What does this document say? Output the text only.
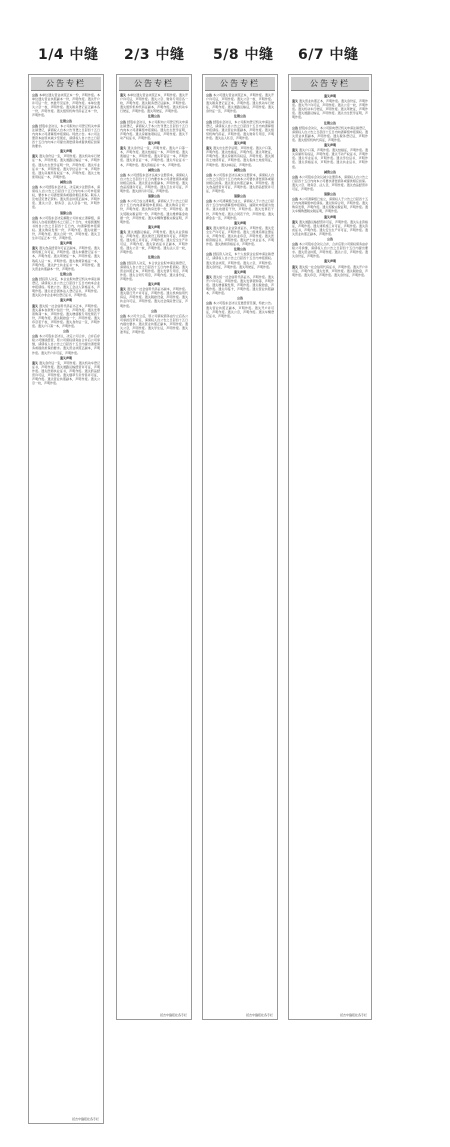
1/4 中缝 2/3 中缝 5/8 中缝 6/7 中缝
公告专栏

公告 本单位遗失营业执照正本一份，声明作废。本单位遗失营业执照副本一份，声明作废。遗失开户许可证一份，核准号见证件，声明作废。本单位遗失公章一枚，声明作废。遗失税务登记证正副本各一份，声明作废。遗失组织机构代码证正本一份，声明作废。

注销公告

公告 经股东会决议，本公司拟向公司登记机关申请注销登记，请债权人自本公告刊登之日起四十五日内向本公司清算组申报债权。特此公告。本公司注册资本由原来减少至现在，请债权人自公告之日起四十五日内向本公司提出清偿债务或提供相应担保的要求。

遗失声明

遗失 遗失身份证一张，声明作废。遗失机动车行驶证一本，声明作废。遗失道路运输证一本，声明作废。遗失出生医学证明一份，声明作废。遗失毕业证书一本，声明作废。遗失学位证书一本，声明作废。遗失房屋所有权证一本，声明作废。遗失土地使用权证一本，声明作废。

减资公告

公告 本公司经股东会决议，决定减少注册资本，请债权人自公告之日起四十五日内向本公司申报债权，要求本公司清偿债务或提供相应担保。联系人及电话见登记资料。遗失营业执照正副本，声明作废。遗失公章、财务章、法人章各一枚，声明作废。

清算公告

公告 本公司股东会决定解散公司并成立清算组，请债权人自接到通知书之日起三十日内，未接到通知书的自公告之日起四十五日内，向清算组申报债权。遗失购房发票一份，声明作废。遗失收据一份，声明作废。遗失合同一份，声明作废。遗失卫生许可证正本一份，声明作废。

遗失声明

遗失 遗失食品经营许可证正副本，声明作废。遗失建筑施工许可证，声明作废。遗失车辆登记证书一本，声明作废。遗失驾驶证一本，声明作废。遗失残疾人证一本，声明作废。遗失教师资格证一本，声明作废。遗失护士执业证书一本，声明作废。遗失营业执照副本一份，声明作废。

注销公告

公告 经投资人决定，本企业拟向登记机关申请注销登记，请债权人自公告之日起四十五日内向本企业申报债权。特此公告。遗失工会法人资格证书，声明作废。遗失社会团体法人登记证书，声明作废。遗失民办非企业单位登记证书，声明作废。

遗失声明

遗失 遗失统一社会信用代码证书正本，声明作废。遗失基本存款账户信息一份，声明作废。遗失发票领购簿一本，声明作废。遗失增值税专用发票若干份，声明作废。遗失税控盘一个，声明作废。遗失印章若干枚，声明作废。遗失身份证一张，声明作废。遗失户口簿一本，声明作废。

公告

公告 本公司股东会决议，决定公司合并，合并后存续公司继续经营，原公司债权债务由合并后公司承继，请债权人自公告之日起四十五日内提出清偿债务或提供担保的要求。遗失营业执照正副本，声明作废。遗失开户许可证，声明作废。

遗失声明

遗失 遗失身份证一张，声明作废。遗失机动车登记证书，声明作废。遗失道路运输经营许可证，声明作废。遗失医师执业证书，声明作废。遗失药品经营许可证，声明作废。遗失烟草专卖零售许可证，声明作废。遗失营业执照副本，声明作废。遗失公章一枚，声明作废。

延吉中缝报社各专栏
公告专栏

遗失 本单位遗失营业执照正本，声明作废。遗失开户许可证，声明作废。遗失公章、财务专用章各一枚，声明作废。遗失税务登记证副本，声明作废。遗失组织机构代码证副本，声明作废。遗失机动车行驶证，声明作废。遗失驾驶证，声明作废。

注销公告

公告 经股东会决议，本公司拟向公司登记机关申请注销登记，请债权人于本公告刊登之日起四十五日内向本公司清算组申报债权。遗失出生医学证明，声明作废。遗失房屋他项权证，声明作废。遗失不动产权证书，声明作废。

遗失声明

遗失 遗失身份证一张，声明作废。遗失户口簿一本，声明作废。遗失结婚证一本，声明作废。遗失离婚证一本，声明作废。遗失军官证一本，声明作废。遗失退伍证一本，声明作废。遗失毕业证书一本，声明作废。遗失资格证书一本，声明作废。

减资公告

公告 本公司经股东会决议减少注册资本，请债权人自公告之日起四十五日内要求本公司清偿债务或提供相应担保。遗失营业执照副本，声明作废。遗失食品流通许可证，声明作废。遗失卫生许可证，声明作废。遗失排污许可证，声明作废。

清算公告

公告 本公司已成立清算组，请债权人于公告之日起四十五日内向清算组申报债权。遗失购房合同一份，声明作废。遗失购房发票一份，声明作废。遗失契税完税证明一份，声明作废。遗失维修基金收据一份，声明作废。遗失车辆购置税完税证明，声明作废。

遗失声明

遗失 遗失道路运输证，声明作废。遗失从业资格证，声明作废。遗失建设工程规划许可证，声明作废。遗失施工许可证，声明作废。遗失安全生产许可证，声明作废。遗失资质证书正副本，声明作废。遗失公章一枚，声明作废。遗失法人章一枚，声明作废。

注销公告

公告 经投资人决定，本合伙企业拟申请注销登记，请债权人自公告之日起四十五日内申报债权。遗失营业执照正本，声明作废。遗失发票专用章，声明作废。遗失合同专用章，声明作废。遗失身份证，声明作废。

遗失声明

遗失 遗失统一社会信用代码证书副本，声明作废。遗失银行开户许可证，声明作废。遗失机构信用代码证，声明作废。遗失税控设备，声明作废。遗失执业许可证，声明作废。遗失社会保险登记证，声明作废。

公告

公告 本公司分立后，原公司债权债务由分立后各公司承担连带责任，请债权人自公告之日起四十五日内提出要求。遗失营业执照正副本，声明作废。遗失公章，声明作废。遗失学生证，声明作废。遗失准考证，声明作废。

延吉中缝报社各专栏
公告专栏

公告 本公司遗失营业执照正本，声明作废。遗失开户许可证，声明作废。遗失公章一枚，声明作废。遗失税务登记证正本，声明作废。遗失机动车行驶证，声明作废。遗失道路运输证，声明作废。遗失身份证一张，声明作废。

注销公告

公告 经股东会决议，本公司拟向登记机关申请注销登记，请债权人自公告之日起四十五日内向清算组申报债权。遗失营业执照副本，声明作废。遗失组织机构代码证，声明作废。遗失财务专用章，声明作废。遗失法人私章，声明作废。

遗失声明

遗失 遗失出生医学证明，声明作废。遗失户口簿，声明作废。遗失结婚证，声明作废。遗失驾驶证，声明作废。遗失房屋所有权证，声明作废。遗失国有土地使用证，声明作废。遗失集体土地使用证，声明作废。遗失林权证，声明作废。

减资公告

公告 本公司股东会决议减少注册资本，请债权人自公告之日起四十五日内向本公司要求清偿债务或提供相应担保。遗失营业执照正副本，声明作废。遗失食品经营许可证，声明作废。遗失药品经营许可证，声明作废。

清算公告

公告 本公司清算组已成立，请债权人于公告之日起四十五日内向清算组申报债权，逾期未申报视为放弃。遗失收据若干份，声明作废。遗失发票若干份，声明作废。遗失合同若干份，声明作废。遗失押金条一张，声明作废。

遗失声明

遗失 遗失建筑业企业资质证书，声明作废。遗失安全生产许可证，声明作废。遗失二级建造师注册证书，声明作废。遗失执业印章，声明作废。遗失医师资格证书，声明作废。遗失护士执业证书，声明作废。遗失教师资格证书，声明作废。

注销公告

公告 经投资人决定，本个人独资企业拟申请注销登记，请债权人自公告之日起四十五日内申报债权。遗失营业执照，声明作废。遗失公章，声明作废。遗失身份证，声明作废。遗失驾驶证，声明作废。

遗失声明

遗失 遗失统一社会信用代码证书，声明作废。遗失开户许可证，声明作废。遗失发票领购簿，声明作废。遗失增值税发票，声明作废。遗失税控盘，声明作废。遗失印鉴卡，声明作废。遗失营业执照副本，声明作废。

公告

公告 本公司股东会决议变更经营范围，特此公告。遗失营业执照正副本，声明作废。遗失开户许可证，声明作废。遗失公章，声明作废。遗失车辆登记证书，声明作废。

延吉中缝报社各专栏
公告专栏
遗失声明

遗失 遗失营业执照正本，声明作废。遗失身份证，声明作废。遗失开户许可证，声明作废。遗失公章一枚，声明作废。遗失机动车行驶证，声明作废。遗失驾驶证，声明作废。遗失道路运输证，声明作废。遗失出生医学证明，声明作废。

注销公告

公告 经股东会决议，本公司拟向登记机关申请注销登记，请债权人自公告之日起四十五日内向清算组申报债权。遗失营业执照副本，声明作废。遗失税务登记证，声明作废。遗失组织机构代码证，声明作废。

遗失声明

遗失 遗失户口簿，声明作废。遗失结婚证，声明作废。遗失房屋所有权证，声明作废。遗失不动产权证书，声明作废。遗失毕业证书，声明作废。遗失学位证书，声明作废。遗失资格证书，声明作废。遗失执业证书，声明作废。

减资公告

公告 本公司股东会决议减少注册资本，请债权人自公告之日起四十五日内向本公司要求清偿债务或提供相应担保。遗失公章、财务章、法人章，声明作废。遗失食品经营许可证，声明作废。

清算公告

公告 本公司清算组已成立，请债权人于公告之日起四十五日内向清算组申报债权。遗失购房合同，声明作废。遗失购房发票，声明作废。遗失契税完税证明，声明作废。遗失车辆购置税完税证明，声明作废。

遗失声明

遗失 遗失道路运输经营许可证，声明作废。遗失从业资格证，声明作废。遗失建筑施工许可证，声明作废。遗失资质证书，声明作废。遗失安全生产许可证，声明作废。遗失营业执照正副本，声明作废。

公告

公告 本公司股东会决议合并，合并后原公司债权债务由存续公司承继，请债权人自公告之日起四十五日内提出要求。遗失营业执照，声明作废。遗失公章，声明作废。遗失身份证，声明作废。

遗失声明

遗失 遗失统一社会信用代码证书，声明作废。遗失开户许可证，声明作废。遗失发票，声明作废。遗失税控盘，声明作废。遗失印章，声明作废。遗失身份证，声明作废。

延吉中缝报社各专栏
